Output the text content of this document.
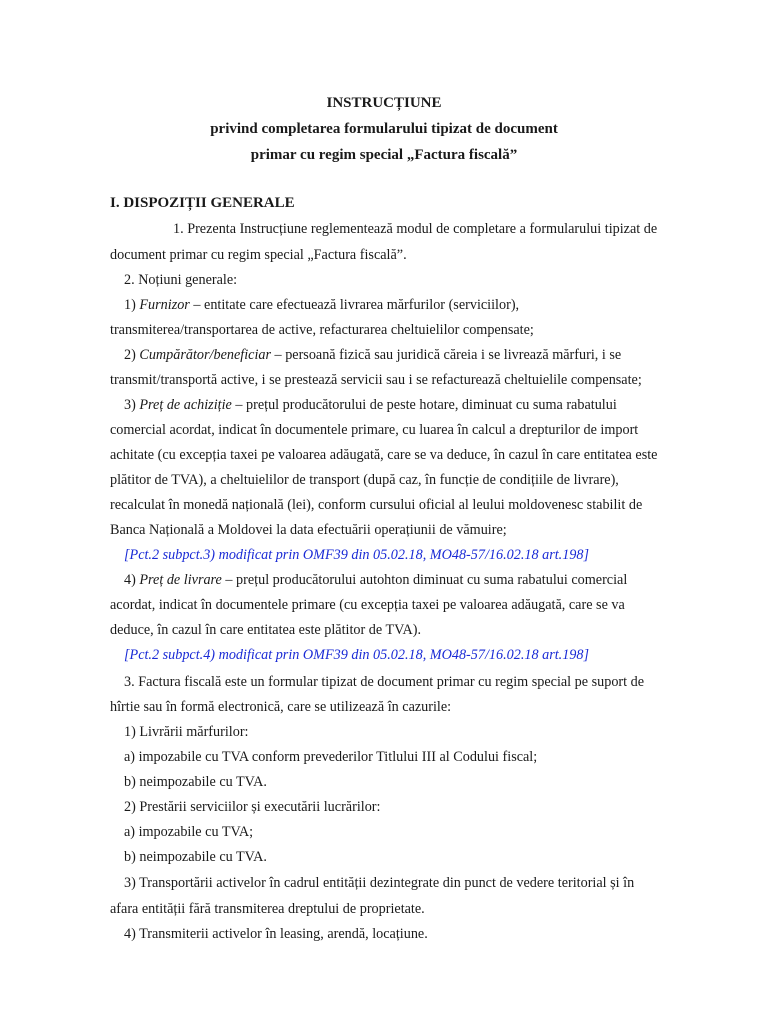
INSTRUCȚIUNE
privind completarea formularului tipizat de document
primar cu regim special „Factura fiscală”
I. DISPOZIȚII GENERALE
1. Prezenta Instrucțiune reglementează modul de completare a formularului tipizat de
document primar cu regim special „Factura fiscală”.
2. Noțiuni generale:
1) Furnizor – entitate care efectuează livrarea mărfurilor (serviciilor),
transmiterea/transportarea de active, refacturarea cheltuielilor compensate;
2) Cumpărător/beneficiar – persoană fizică sau juridică căreia i se livrează mărfuri, i se
transmit/transportă active, i se prestează servicii sau i se refacturează cheltuielile compensate;
3) Preț de achiziție – prețul producătorului de peste hotare, diminuat cu suma rabatului
comercial acordat, indicat în documentele primare, cu luarea în calcul a drepturilor de import
achitate (cu excepția taxei pe valoarea adăugată, care se va deduce, în cazul în care entitatea este
plătitor de TVA), a cheltuielilor de transport (după caz, în funcție de condițiile de livrare),
recalculat în monedă națională (lei), conform cursului oficial al leului moldovenesc stabilit de
Banca Națională a Moldovei la data efectuării operațiunii de vămuire;
[Pct.2 subpct.3) modificat prin OMF39 din 05.02.18, MO48-57/16.02.18 art.198]
4) Preț de livrare – prețul producătorului autohton diminuat cu suma rabatului comercial
acordat, indicat în documentele primare (cu excepția taxei pe valoarea adăugată, care se va
deduce, în cazul în care entitatea este plătitor de TVA).
[Pct.2 subpct.4) modificat prin OMF39 din 05.02.18, MO48-57/16.02.18 art.198]
3. Factura fiscală este un formular tipizat de document primar cu regim special pe suport de
hîrtie sau în formă electronică, care se utilizează în cazurile:
1) Livrării mărfurilor:
a) impozabile cu TVA conform prevederilor Titlului III al Codului fiscal;
b) neimpozabile cu TVA.
2) Prestării serviciilor și executării lucrărilor:
a) impozabile cu TVA;
b) neimpozabile cu TVA.
3) Transportării activelor în cadrul entității dezintegrate din punct de vedere teritorial și în
afara entității fără transmiterea dreptului de proprietate.
4) Transmiterii activelor în leasing, arendă, locațiune.
